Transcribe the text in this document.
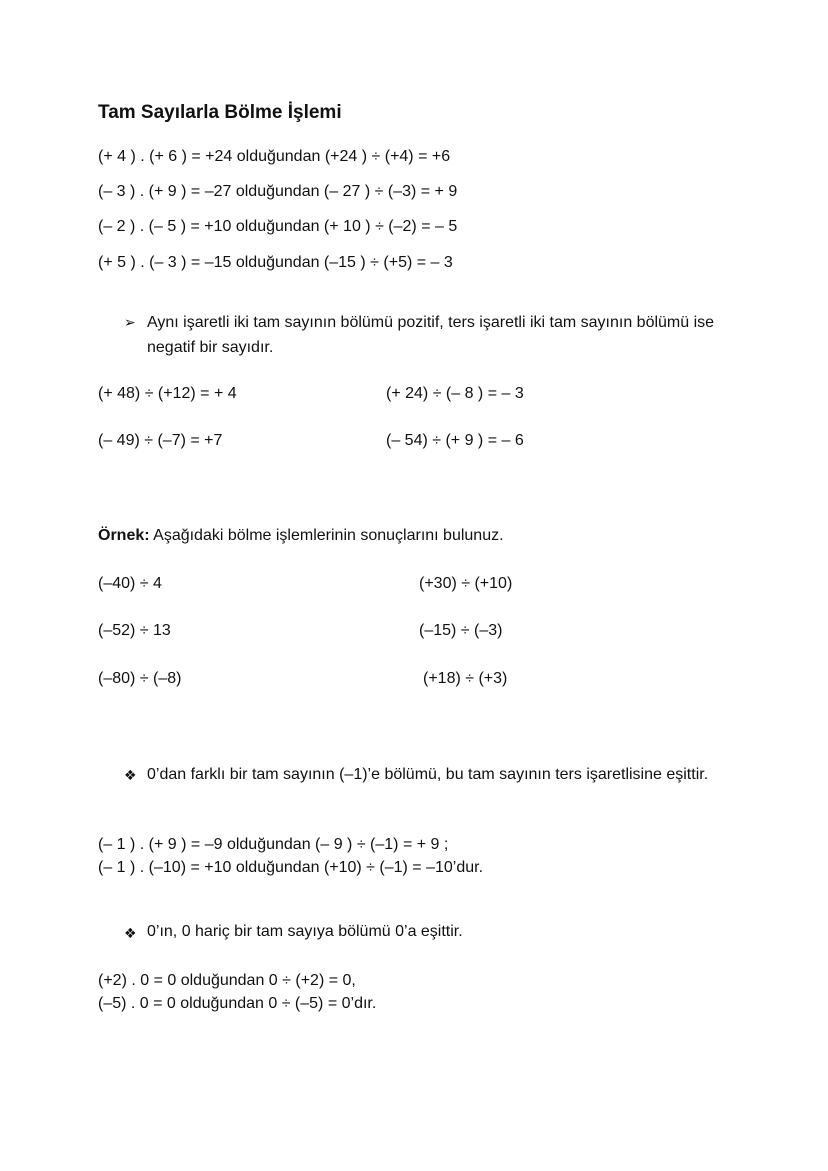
Tam Sayılarla Bölme İşlemi
(+ 4 ) . (+ 6 ) = +24 olduğundan (+24 ) ÷ (+4) = +6
(– 3 ) . (+ 9 ) = –27 olduğundan (– 27 ) ÷ (–3) = + 9
(– 2 ) . (– 5 ) = +10 olduğundan (+ 10 ) ÷ (–2) = – 5
(+ 5 ) . (– 3 ) = –15 olduğundan (–15 ) ÷ (+5) = – 3
➢ Aynı işaretli iki tam sayının bölümü pozitif, ters işaretli iki tam sayının bölümü ise negatif bir sayıdır.
(+ 48) ÷ (+12) = + 4
(– 49) ÷ (–7) = +7
(+ 24) ÷ (– 8 ) = – 3
(– 54) ÷ (+ 9 ) = – 6
Örnek: Aşağıdaki bölme işlemlerinin sonuçlarını bulunuz.
(–40) ÷ 4
(–52) ÷ 13
(–80) ÷ (–8)
(+30) ÷ (+10)
(–15) ÷ (–3)
(+18) ÷ (+3)
❖ 0’dan farklı bir tam sayının (–1)’e bölümü, bu tam sayının ters işaretlisine eşittir.
(– 1 ) . (+ 9 ) = –9 olduğundan (– 9 ) ÷ (–1) = + 9 ;
(– 1 ) . (–10) = +10 olduğundan (+10) ÷ (–1) = –10’dur.
❖ 0’ın, 0 hariç bir tam sayıya bölümü 0’a eşittir.
(+2) . 0 = 0 olduğundan 0 ÷ (+2) = 0,
(–5) . 0 = 0 olduğundan 0 ÷ (–5) = 0’dır.
